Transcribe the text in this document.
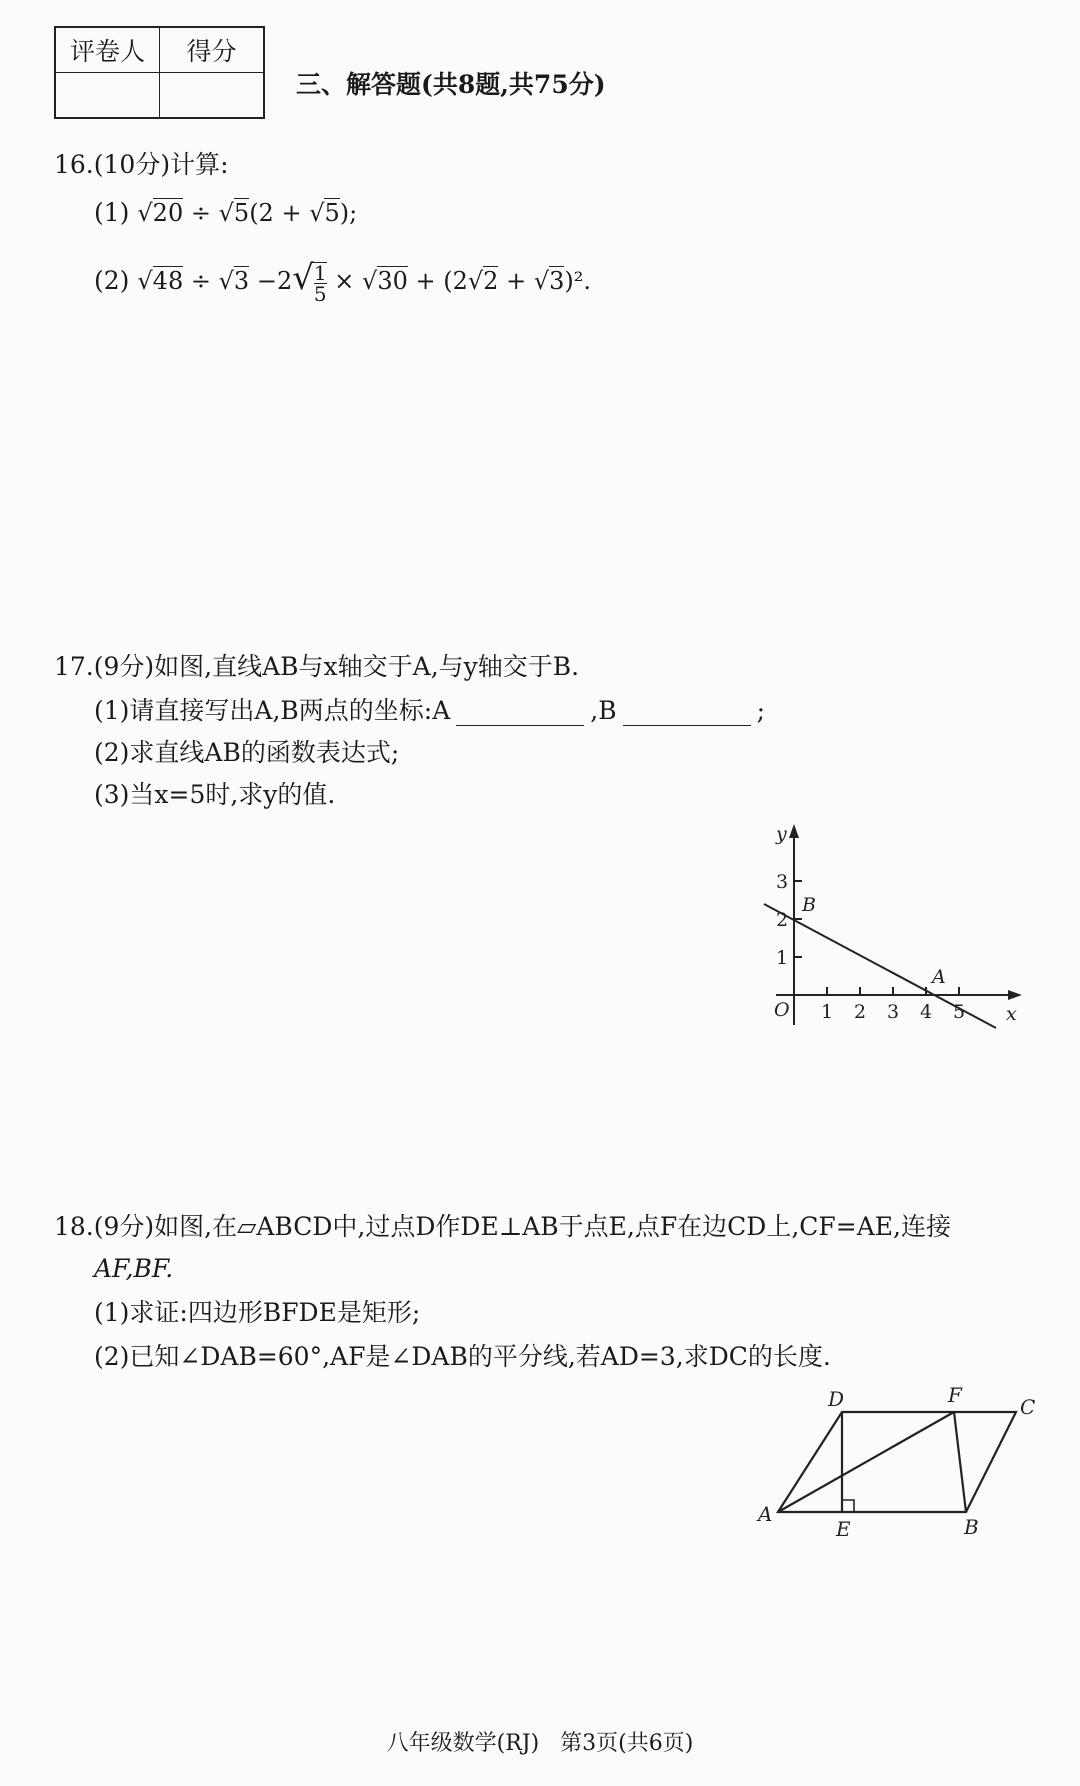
评卷人	得分

三、解答题(共8题,共75分)
16.(10分)计算:
(1) √20 ÷ √5(2 + √5);
(2) $√48 \div √3 -2√ \frac{1}{5} \times √30 + (2√2 + √3)^2$.
17.(9分)如图,直线AB与x轴交于A,与y轴交于B.
(1)请直接写出A,B两点的坐标:A	,B	;
(2)求直线AB的函数表达式;
(3)当x=5时,求y的值.
y
x
O
1
2
3
1 2 3 4 5
B
A
18.(9分)如图,在▱ABCD中,过点D作DE⊥AB于点E,点F在边CD上,CF=AE,连接
AF,BF.
(1)求证:四边形BFDE是矩形;
(2)已知∠DAB=60°,AF是∠DAB的平分线,若AD=3,求DC的长度.
A
B
C
D
E
F
八年级数学(RJ)   第3页(共6页)
